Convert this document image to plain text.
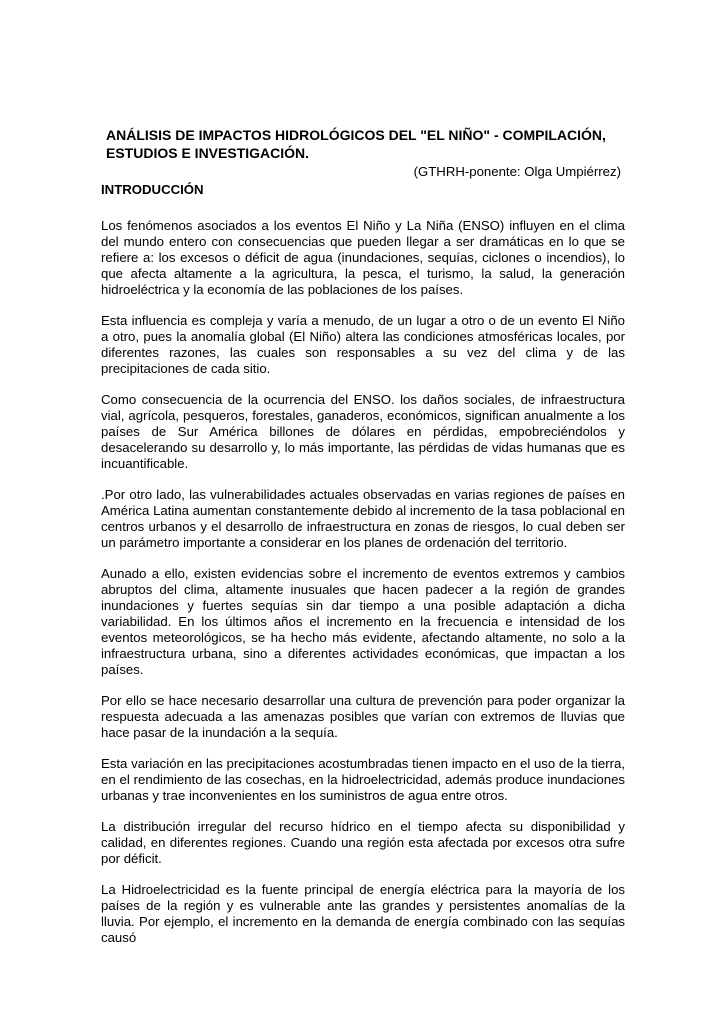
ANÁLISIS DE IMPACTOS HIDROLÓGICOS DEL "EL NIÑO" - COMPILACIÓN, ESTUDIOS E INVESTIGACIÓN.

(GTHRH-ponente: Olga Umpiérrez)

INTRODUCCIÓN

Los fenómenos asociados a los eventos El Niño y La Niña (ENSO) influyen en el clima del mundo entero con consecuencias que pueden llegar a ser dramáticas en lo que se refiere a: los excesos o déficit de agua (inundaciones, sequías, ciclones o incendios), lo que afecta altamente a la agricultura, la pesca, el turismo, la salud, la generación hidroeléctrica y la economía de las poblaciones de los países.

Esta influencia es compleja y varía a menudo, de un lugar a otro o de un evento El Niño a otro, pues la anomalía global (El Niño) altera las condiciones atmosféricas locales, por diferentes razones, las cuales son responsables a su vez del clima y de las precipitaciones de cada sitio.

Como consecuencia de la ocurrencia del ENSO. los daños sociales, de infraestructura vial, agrícola, pesqueros, forestales, ganaderos, económicos, significan anualmente a los países de Sur América billones de dólares en pérdidas, empobreciéndolos y desacelerando su desarrollo y, lo más importante, las pérdidas de vidas humanas que es incuantificable.

.Por otro lado, las vulnerabilidades actuales observadas en varias regiones de países en América Latina aumentan constantemente debido al incremento de la tasa poblacional en centros urbanos y el desarrollo de infraestructura en zonas de riesgos, lo cual deben ser un parámetro importante a considerar en los planes de ordenación del territorio.

Aunado a ello, existen evidencias sobre el incremento de eventos extremos y cambios abruptos del clima, altamente inusuales que hacen padecer a la región de grandes inundaciones y fuertes sequías sin dar tiempo a una posible adaptación a dicha variabilidad. En los últimos años el incremento en la frecuencia e intensidad de los eventos meteorológicos, se ha hecho más evidente, afectando altamente, no solo a la infraestructura urbana, sino a diferentes actividades económicas, que impactan a los países.

Por ello se hace necesario desarrollar una cultura de prevención para poder organizar la respuesta adecuada a las amenazas posibles que varían con extremos de lluvias que hace pasar de la inundación a la sequía.

Esta variación en las precipitaciones acostumbradas tienen impacto en el uso de la tierra, en el rendimiento de las cosechas, en la hidroelectricidad, además produce inundaciones urbanas y trae inconvenientes en los suministros de agua entre otros.

La distribución irregular del recurso hídrico en el tiempo afecta su disponibilidad y calidad, en diferentes regiones. Cuando una región esta afectada por excesos otra sufre por déficit.

La Hidroelectricidad es la fuente principal de energía eléctrica para la mayoría de los países de la región y es vulnerable ante las grandes y persistentes anomalías de la lluvia. Por ejemplo, el incremento en la demanda de energía combinado con las sequías causó
